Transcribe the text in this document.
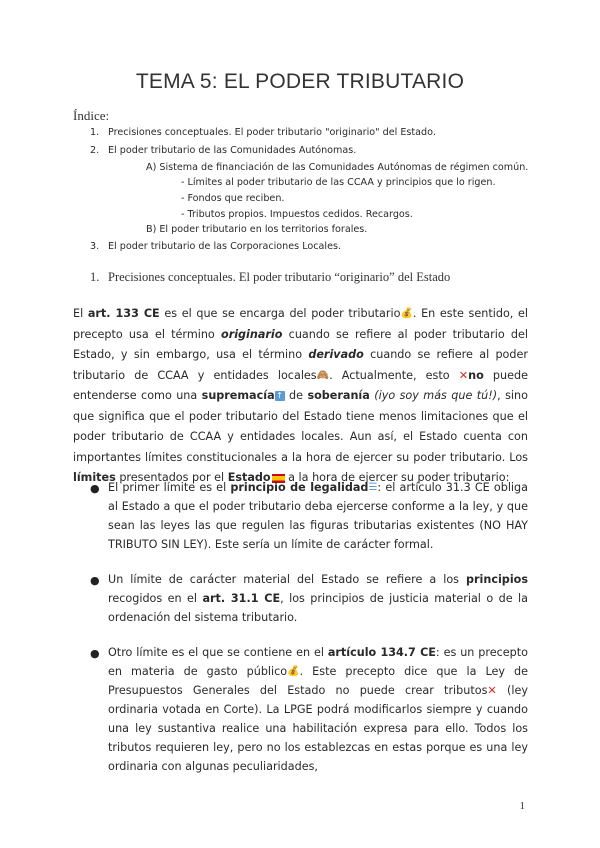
TEMA 5: EL PODER TRIBUTARIO
Índice:
1. Precisiones conceptuales. El poder tributario "originario" del Estado.
2. El poder tributario de las Comunidades Autónomas.
A) Sistema de financiación de las Comunidades Autónomas de régimen común.
- Límites al poder tributario de las CCAA y principios que lo rigen.
- Fondos que reciben.
- Tributos propios. Impuestos cedidos. Recargos.
B) El poder tributario en los territorios forales.
3. El poder tributario de las Corporaciones Locales.
1. Precisiones conceptuales. El poder tributario “originario” del Estado
El art. 133 CE es el que se encarga del poder tributario💰. En este sentido, el precepto usa el término originario cuando se refiere al poder tributario del Estado, y sin embargo, usa el término derivado cuando se refiere al poder tributario de CCAA y entidades locales🙈. Actualmente, esto ✕no puede entenderse como una supremacía ↑ de soberanía (iyo soy más que tú!), sino que significa que el poder tributario del Estado tiene menos limitaciones que el poder tributario de CCAA y entidades locales. Aun así, el Estado cuenta con importantes límites constitucionales a la hora de ejercer su poder tributario. Los límites presentados por el Estado a la hora de ejercer su poder tributario:
● El primer límite es el principio de legalidad☰: el artículo 31.3 CE obliga al Estado a que el poder tributario deba ejercerse conforme a la ley, y que sean las leyes las que regulen las figuras tributarias existentes (NO HAY TRIBUTO SIN LEY). Este sería un límite de carácter formal.
● Un límite de carácter material del Estado se refiere a los principios recogidos en el art. 31.1 CE, los principios de justicia material o de la ordenación del sistema tributario.
● Otro límite es el que se contiene en el artículo 134.7 CE: es un precepto en materia de gasto público💰. Este precepto dice que la Ley de Presupuestos Generales del Estado no puede crear tributos✕ (ley ordinaria votada en Corte). La LPGE podrá modificarlos siempre y cuando una ley sustantiva realice una habilitación expresa para ello. Todos los tributos requieren ley, pero no los establezcas en estas porque es una ley ordinaria con algunas peculiaridades,
1
